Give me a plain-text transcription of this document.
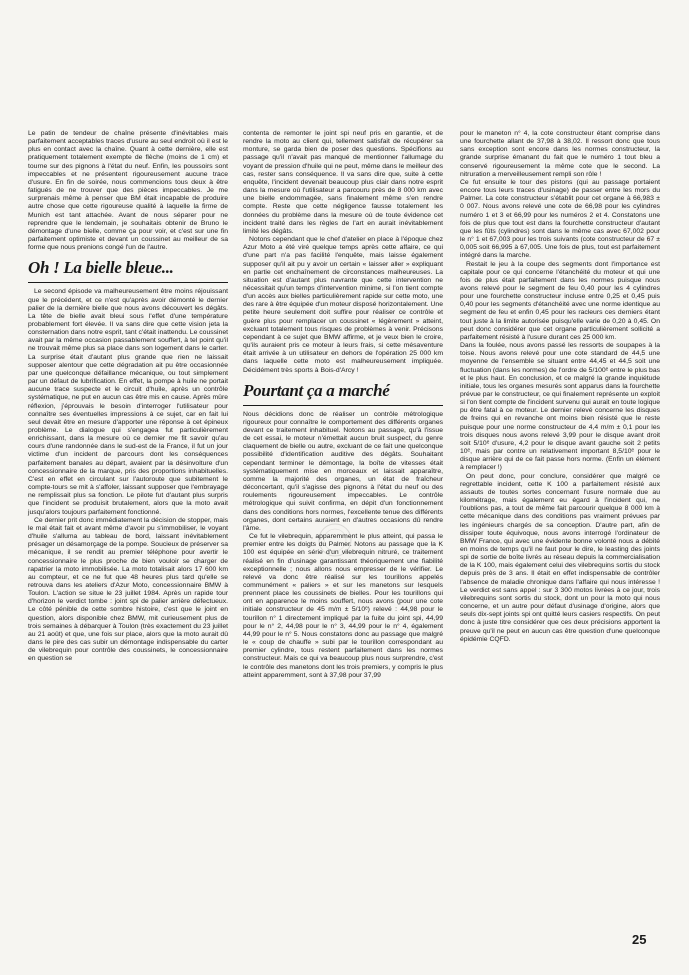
Le patin de tendeur de chaîne présente d'inévitables mais parfaitement acceptables traces d'usure au seul endroit où il est le plus en contact avec la chaîne. Quant à cette dernière, elle est pratiquement totalement exempte de flèche (moins de 1 cm) et tourne sur des pignons à l'état du neuf. Enfin, les poussoirs sont impeccables et ne présentent rigoureusement aucune trace d'usure. En fin de soirée, nous commencions tous deux à être fatigués de ne trouver que des pièces impeccables. Je me surprenais même à penser que BM était incapable de produire autre chose que cette rigoureuse qualité à laquelle la firme de Munich est tant attachée. Avant de nous séparer pour ne reprendre que le lendemain, je souhaitais obtenir de Bruno le démontage d'une bielle, comme ça pour voir, et c'est sur une fin parfaitement optimiste et devant un coussinet au meilleur de sa forme que nous prenions congé l'un de l'autre.

Oh ! La bielle bleue...

Le second épisode va malheureusement être moins réjouissant que le précédent, et ce n'est qu'après avoir démonté le dernier palier de la dernière bielle que nous avons découvert les dégâts. La tête de bielle avait bleui sous l'effet d'une température probablement fort élevée. Il va sans dire que cette vision jeta la consternation dans notre esprit, tant c'était inattendu. Le coussinet avait par la même occasion passablement souffert, à tel point qu'il ne trouvait même plus sa place dans son logement dans le carter. La surprise était d'autant plus grande que rien ne laissait supposer alentour que cette dégradation ait pu être occasionnée par une quelconque défaillance mécanique, ou tout simplement par un défaut de lubrification. En effet, la pompe à huile ne portait aucune trace suspecte et le circuit d'huile, après un contrôle systématique, ne put en aucun cas être mis en cause. Après mûre réflexion, j'éprouvais le besoin d'interroger l'utilisateur pour connaître ses éventuelles impressions à ce sujet, car en fait lui seul devait être en mesure d'apporter une réponse à cet épineux problème. Le dialogue qui s'engagea fut particulièrement enrichissant, dans la mesure où ce dernier me fit savoir qu'au cours d'une randonnée dans le sud-est de la France, il fut un jour victime d'un incident de parcours dont les conséquences parfaitement banales au départ, avaient par la désinvolture d'un concessionnaire de la marque, pris des proportions inhabituelles. C'est en effet en circulant sur l'autoroute que subitement le compte-tours se mit à s'affoler, laissant supposer que l'embrayage ne remplissait plus sa fonction. Le pilote fut d'autant plus surpris que l'incident se produisit brutalement, alors que la moto avait jusqu'alors toujours parfaitement fonctionné.

Ce dernier prit donc immédiatement la décision de stopper, mais le mal était fait et avant même d'avoir pu s'immobiliser, le voyant d'huile s'alluma au tableau de bord, laissant inévitablement présager un désamorçage de la pompe. Soucieux de préserver sa mécanique, il se rendit au premier téléphone pour avertir le concessionnaire le plus proche de bien vouloir se charger de rapatrier la moto immobilisée. La moto totalisait alors 17 600 km au compteur, et ce ne fut que 48 heures plus tard qu'elle se retrouva dans les ateliers d'Azur Moto, concessionnaire BMW à Toulon. L'action se situe le 23 juillet 1984. Après un rapide tour d'horizon le verdict tombe : joint spi de palier arrière défectueux. Le côté pénible de cette sombre histoire, c'est que le joint en question, alors disponible chez BMW, mit curieusement plus de trois semaines à débarquer à Toulon (très exactement du 23 juillet au 21 août) et que, une fois sur place, alors que la moto aurait dû dans le pire des cas subir un démontage indispensable du carter de vilebrequin pour contrôle des coussinets, le concessionnaire en question se

contenta de remonter le joint spi neuf pris en garantie, et de rendre la moto au client qui, tellement satisfait de récupérer sa monture, se garda bien de poser des questions. Spécifions au passage qu'il n'avait pas manqué de mentionner l'allumage du voyant de pression d'huile qui ne peut, même dans le meilleur des cas, rester sans conséquence. Il va sans dire que, suite à cette enquête, l'incident devenait beaucoup plus clair dans notre esprit dans la mesure où l'utilisateur a parcouru près de 8 000 km avec une bielle endommagée, sans finalement même s'en rendre compte. Reste que cette négligence fausse totalement les données du problème dans la mesure où de toute évidence cet incident traité dans les règles de l'art en aurait inévitablement limité les dégâts.

Notons cependant que le chef d'atelier en place à l'époque chez Azur Moto a été viré quelque temps après cette affaire, ce qui d'une part n'a pas facilité l'enquête, mais laisse également supposer qu'il ait pu y avoir un certain « laisser aller » expliquant en partie cet enchaînement de circonstances malheureuses. La situation est d'autant plus navrante que cette intervention ne nécessitait qu'un temps d'intervention minime, si l'on tient compte d'un accès aux bielles particulièrement rapide sur cette moto, une des rare à être équipée d'un moteur disposé horizontalement. Une petite heure seulement doit suffire pour réaliser ce contrôle et guère plus pour remplacer un coussinet « légèrement » atteint, excluant totalement tous risques de problèmes à venir. Précisons cependant à ce sujet que BMW affirme, et je veux bien le croire, qu'ils auraient pris ce moteur à leurs frais, si cette mésaventure était arrivée à un utilisateur en dehors de l'opération 25 000 km dans laquelle cette moto est malheureusement impliquée. Décidément très sports à Bois-d'Arcy !

Pourtant ça a marché

Nous décidions donc de réaliser un contrôle métrologique rigoureux pour connaître le comportement des différents organes devant ce traitement inhabituel. Notons au passage, qu'à l'issue de cet essai, le moteur n'émettait aucun bruit suspect, du genre claquement de bielle ou autre, excluant de ce fait une quelconque possibilité d'identification auditive des dégâts. Souhaitant cependant terminer le démontage, la boîte de vitesses était systématiquement mise en morceaux et laissait apparaître, comme la majorité des organes, un état de fraîcheur déconcertant, qu'il s'agisse des pignons à l'état du neuf ou des roulements rigoureusement impeccables. Le contrôle métrologique qui suivit confirma, en dépit d'un fonctionnement dans des conditions hors normes, l'excellente tenue des différents organes, dont certains auraient en d'autres occasions dû rendre l'âme.

Ce fut le vilebrequin, apparemment le plus atteint, qui passa le premier entre les doigts du Palmer. Notons au passage que la K 100 est équipée en série d'un vilebrequin nitruré, ce traitement réalisé en fin d'usinage garantissant théoriquement une fiabilité exceptionnelle ; nous allons nous empresser de le vérifier. Le relevé va donc être réalisé sur les tourillons appelés communément « paliers » et sur les manetons sur lesquels prennent place les coussinets de bielles. Pour les tourillons qui ont en apparence le moins souffert, nous avons (pour une cote initiale constructeur de 45 m/m ± 5/10ᵉ) relevé : 44,98 pour le tourillon n° 1 directement impliqué par la fuite du joint spi, 44,99 pour le n° 2, 44,98 pour le n° 3, 44,99 pour le n° 4, également 44,99 pour le n° 5. Nous constatons donc au passage que malgré le « coup de chauffe » subi par le tourillon correspondant au premier cylindre, tous restent parfaitement dans les normes constructeur. Mais ce qui va beaucoup plus nous surprendre, c'est le contrôle des manetons dont les trois premiers, y compris le plus atteint apparemment, sont à 37,98 pour 37,99

pour le maneton n° 4, la cote constructeur étant comprise dans une fourchette allant de 37,98 à 38,02. Il ressort donc que tous sans exception sont encore dans les normes constructeur, la grande surprise émanant du fait que le numéro 1 tout bleu a conservé rigoureusement la même cote que le second. La nitruration a merveilleusement rempli son rôle !

Ce fut ensuite le tour des pistons (qui au passage portaient encore tous leurs traces d'usinage) de passer entre les mors du Palmer. La cote constructeur s'établit pour cet organe à 66,983 ± 0 007. Nous avons relevé une cote de 66,98 pour les cylindres numéro 1 et 3 et 66,99 pour les numéros 2 et 4. Constatons une fois de plus que tout est dans la fourchette constructeur d'autant que les fûts (cylindres) sont dans le même cas avec 67,002 pour le n° 1 et 67,003 pour les trois suivants (cote constructeur de 67 ± 0,005 soit 66,995 à 67,005. Une fois de plus, tout est parfaitement intégré dans la marche.

Restait le jeu à la coupe des segments dont l'importance est capitale pour ce qui concerne l'étanchéité du moteur et qui une fois de plus était parfaitement dans les normes puisque nous avons relevé pour le segment de feu 0,40 pour les 4 cylindres pour une fourchette constructeur incluse entre 0,25 et 0,45 puis 0,40 pour les segments d'étanchéité avec une norme identique au segment de feu et enfin 0,45 pour les racleurs ces derniers étant tout juste à la limite autorisée puisqu'elle varie de 0,20 à 0,45. On peut donc considérer que cet organe particulièrement sollicité a parfaitement résisté à l'usure durant ces 25 000 km.

Dans la foulée, nous avons passé les ressorts de soupapes à la toise. Nous avons relevé pour une cote standard de 44,5 une moyenne de l'ensemble se situant entre 44,45 et 44,5 soit une fluctuation (dans les normes) de l'ordre de 5/100ᵉ entre le plus bas et le plus haut. En conclusion, et ce malgré la grande inquiétude initiale, tous les organes mesurés sont apparus dans la fourchette prévue par le constructeur, ce qui finalement représente un exploit si l'on tient compte de l'incident survenu qui aurait en toute logique pu être fatal à ce moteur. Le dernier relevé concerne les disques de freins qui en revanche ont moins bien résisté que le reste puisque pour une norme constructeur de 4,4 m/m ± 0,1 pour les trois disques nous avons relevé 3,99 pour le disque avant droit soit 5/10ᵉ d'usure, 4,2 pour le disque avant gauche soit 2 petits 10ᵉ, mais par contre un relativement important 8,5/10ᵉ pour le disque arrière qui de ce fait passe hors norme. (Enfin un élément à remplacer !)

On peut donc, pour conclure, considérer que malgré ce regrettable incident, cette K 100 a parfaitement résisté aux assauts de toutes sortes concernant l'usure normale due au kilométrage, mais également eu égard à l'incident qui, ne l'oublions pas, a tout de même fait parcourir quelque 8 000 km à cette mécanique dans des conditions pas vraiment prévues par les ingénieurs chargés de sa conception. D'autre part, afin de dissiper toute équivoque, nous avons interrogé l'ordinateur de BMW France, qui avec une évidente bonne volonté nous a débité en moins de temps qu'il ne faut pour le dire, le leasting des joints spi de sortie de boîte livrés au réseau depuis la commercialisation de la K 100, mais également celui des vilebrequins sortis du stock depuis près de 3 ans. Il était en effet indispensable de contrôler l'absence de maladie chronique dans l'affaire qui nous intéresse ! Le verdict est sans appel : sur 3 300 motos livrées à ce jour, trois vilebrequins sont sortis du stock, dont un pour la moto qui nous concerne, et un autre pour défaut d'usinage d'origine, alors que seuls dix-sept joints spi ont quitté leurs casiers respectifs. On peut donc à juste titre considérer que ces deux précisions apportent la preuve qu'il ne peut en aucun cas être question d'une quelconque épidémie CQFD.

25
